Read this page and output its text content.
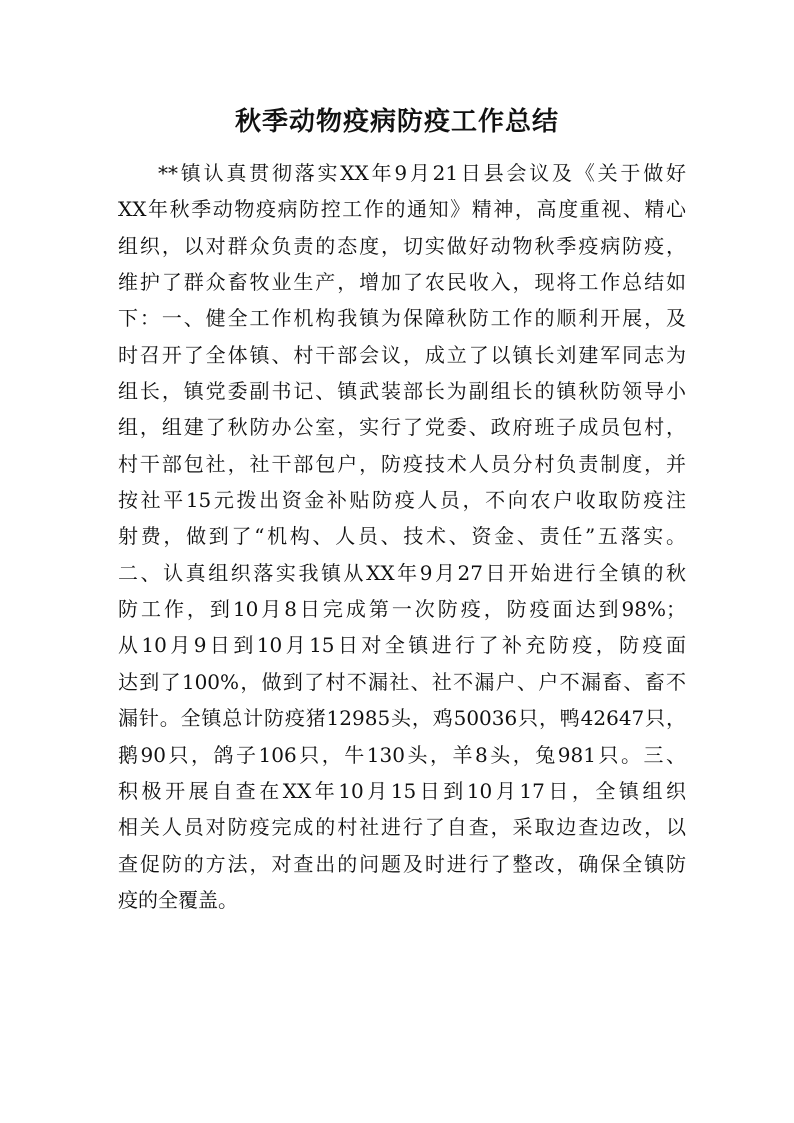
秋季动物疫病防疫工作总结
**镇认真贯彻落实XX年9月21日县会议及《关于做好
XX年秋季动物疫病防控工作的通知》精神，高度重视、精心
组织，以对群众负责的态度，切实做好动物秋季疫病防疫，
维护了群众畜牧业生产，增加了农民收入，现将工作总结如
下：一、健全工作机构我镇为保障秋防工作的顺利开展，及
时召开了全体镇、村干部会议，成立了以镇长刘建军同志为
组长，镇党委副书记、镇武装部长为副组长的镇秋防领导小
组，组建了秋防办公室，实行了党委、政府班子成员包村，
村干部包社，社干部包户，防疫技术人员分村负责制度，并
按社平15元拨出资金补贴防疫人员，不向农户收取防疫注
射费，做到了“机构、人员、技术、资金、责任”五落实。
二、认真组织落实我镇从XX年9月27日开始进行全镇的秋
防工作，到10月8日完成第一次防疫，防疫面达到98%；
从10月9日到10月15日对全镇进行了补充防疫，防疫面
达到了100%，做到了村不漏社、社不漏户、户不漏畜、畜不
漏针。全镇总计防疫猪12985头，鸡50036只，鸭42647只，
鹅90只，鸽子106只，牛130头，羊8头，兔981只。三、
积极开展自查在XX年10月15日到10月17日，全镇组织
相关人员对防疫完成的村社进行了自查，采取边查边改，以
查促防的方法，对查出的问题及时进行了整改，确保全镇防
疫的全覆盖。
